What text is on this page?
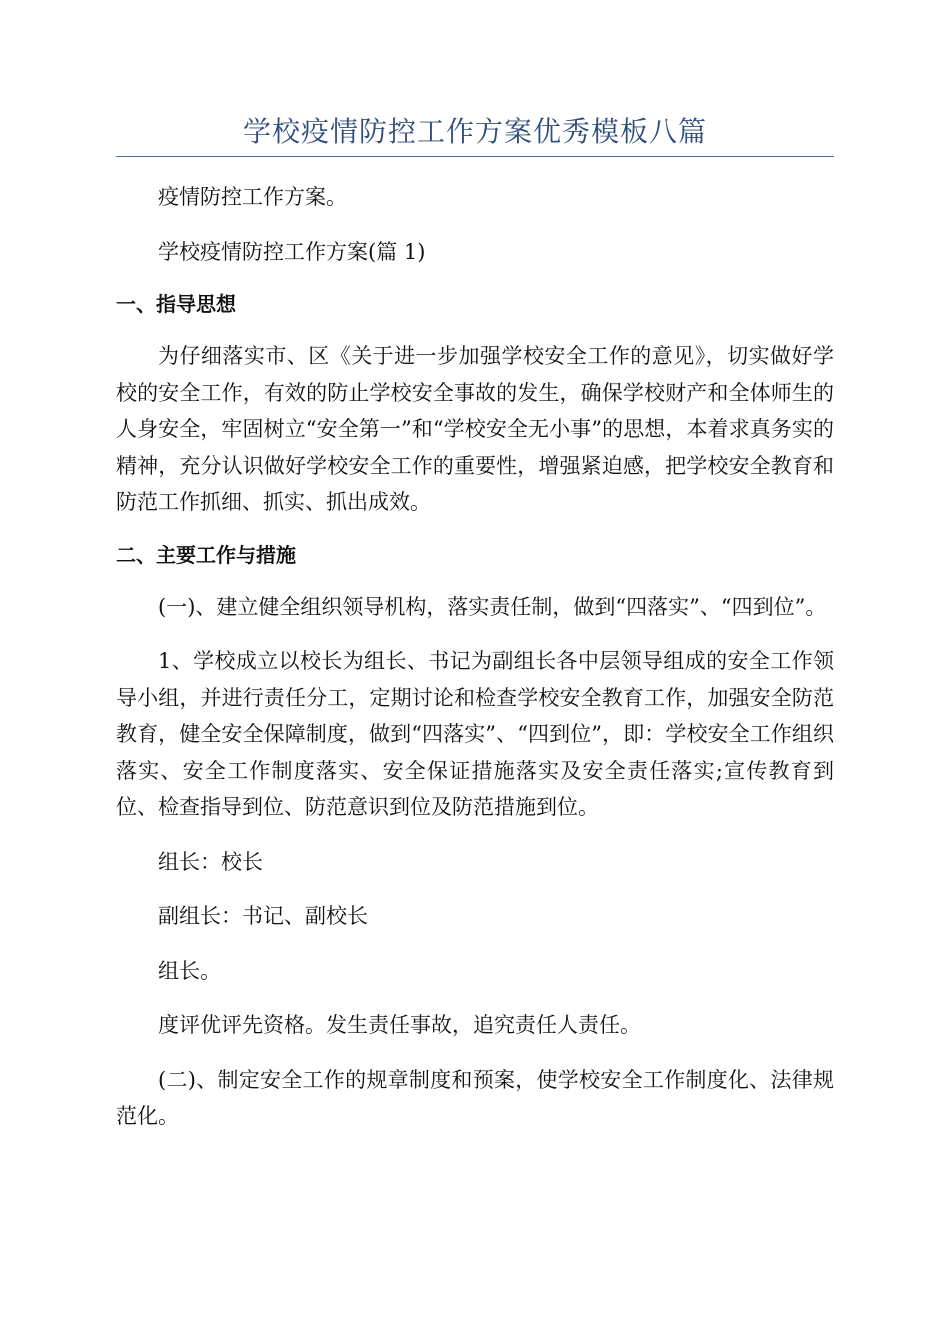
学校疫情防控工作方案优秀模板八篇

疫情防控工作方案。

学校疫情防控工作方案(篇 1)

一、指导思想

为仔细落实市、区《关于进一步加强学校安全工作的意见》，切实做好学校的安全工作，有效的防止学校安全事故的发生，确保学校财产和全体师生的人身安全，牢固树立“安全第一”和“学校安全无小事”的思想，本着求真务实的精神，充分认识做好学校安全工作的重要性，增强紧迫感，把学校安全教育和防范工作抓细、抓实、抓出成效。

二、主要工作与措施

(一)、建立健全组织领导机构，落实责任制，做到“四落实”、“四到位”。

1、学校成立以校长为组长、书记为副组长各中层领导组成的安全工作领导小组，并进行责任分工，定期讨论和检查学校安全教育工作，加强安全防范教育，健全安全保障制度，做到“四落实”、“四到位”，即：学校安全工作组织落实、安全工作制度落实、安全保证措施落实及安全责任落实;宣传教育到位、检查指导到位、防范意识到位及防范措施到位。

组长：校长

副组长：书记、副校长

组长。

度评优评先资格。发生责任事故，追究责任人责任。

(二)、制定安全工作的规章制度和预案，使学校安全工作制度化、法律规范化。
